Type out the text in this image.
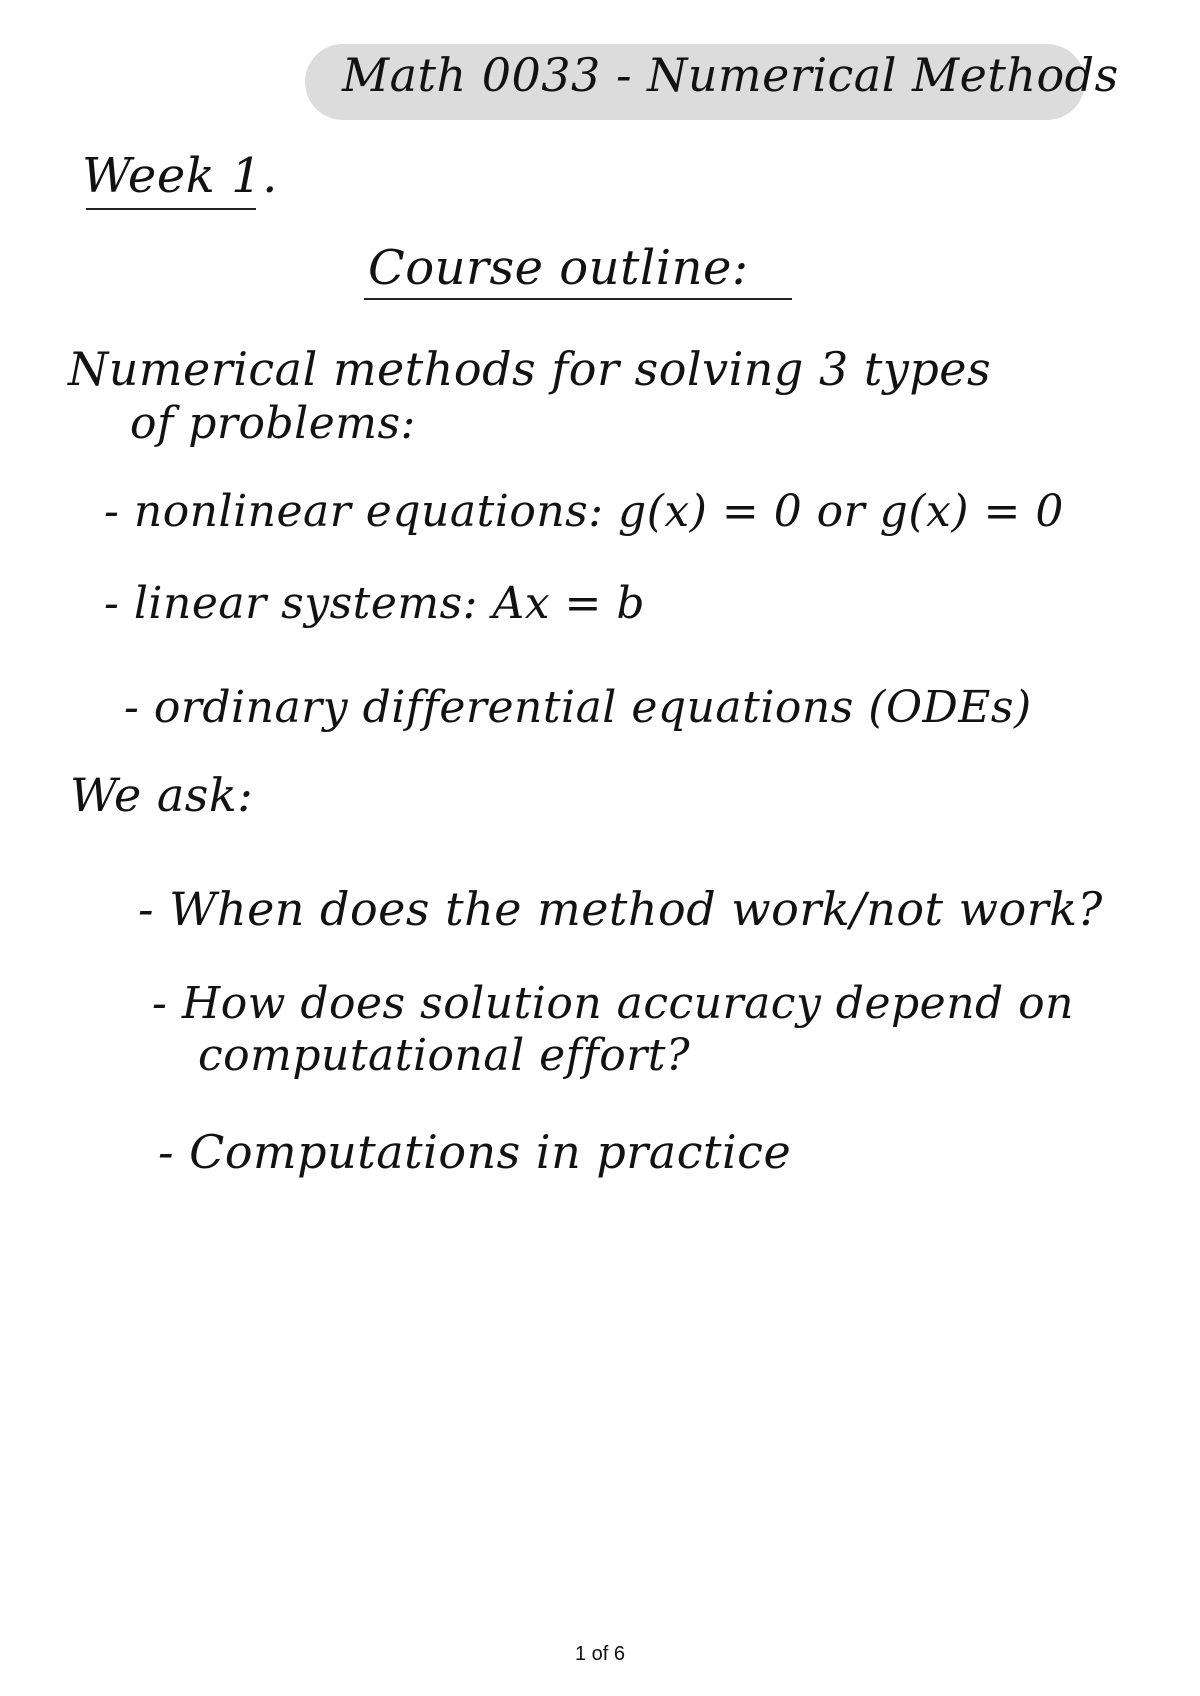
Math 0033 - Numerical Methods
Week 1.
Course outline:
Numerical methods for solving 3 types
of problems:
- nonlinear equations: g(x) = 0 or g(x) = 0
- linear systems: Ax = b
- ordinary differential equations (ODEs)
We ask:
- When does the method work/not work?
- How does solution accuracy depend on
computational effort?
- Computations in practice
1 of 6
